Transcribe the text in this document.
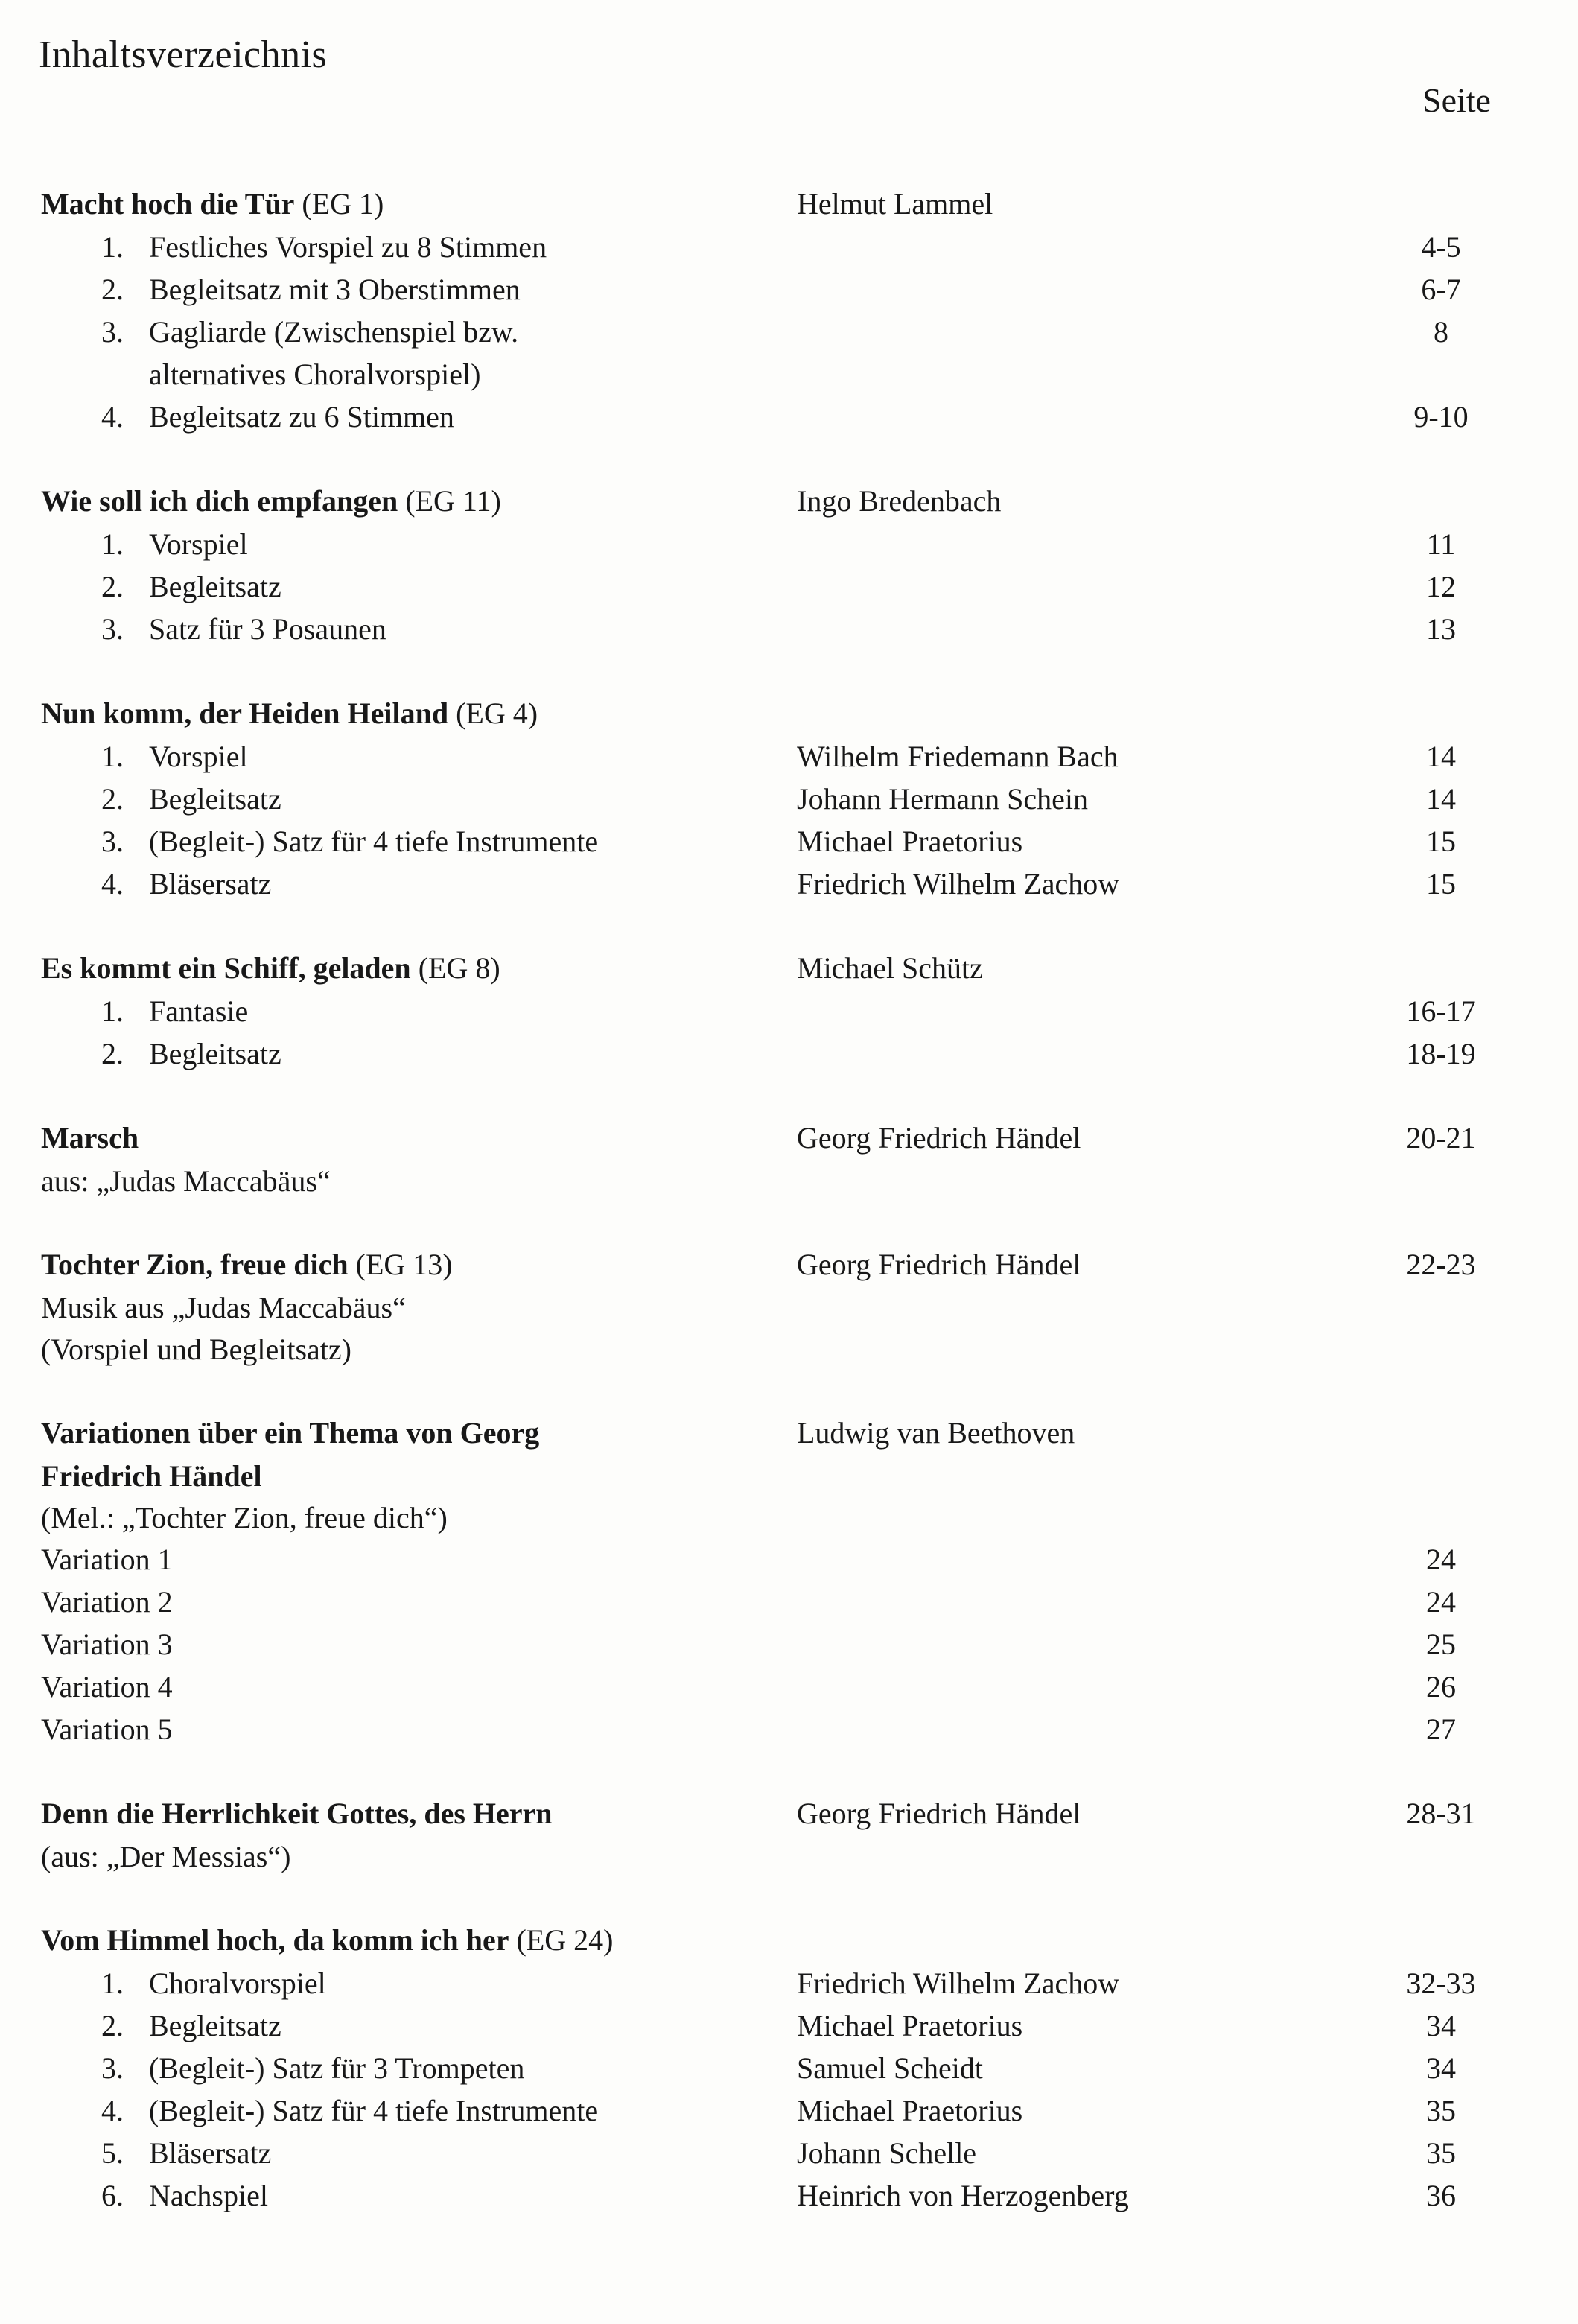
Inhaltsverzeichnis
Seite
Macht hoch die Tür (EG 1)	Helmut Lammel
1. Festliches Vorspiel zu 8 Stimmen	4-5
2. Begleitsatz mit 3 Oberstimmen	6-7
3. Gagliarde (Zwischenspiel bzw.	8
alternatives Choralvorspiel)
4. Begleitsatz zu 6 Stimmen	9-10
Wie soll ich dich empfangen (EG 11)	Ingo Bredenbach
1. Vorspiel	11
2. Begleitsatz	12
3. Satz für 3 Posaunen	13
Nun komm, der Heiden Heiland (EG 4)
1. Vorspiel	Wilhelm Friedemann Bach	14
2. Begleitsatz	Johann Hermann Schein	14
3. (Begleit-) Satz für 4 tiefe Instrumente	Michael Praetorius	15
4. Bläsersatz	Friedrich Wilhelm Zachow	15
Es kommt ein Schiff, geladen (EG 8)	Michael Schütz
1. Fantasie	16-17
2. Begleitsatz	18-19
Marsch	Georg Friedrich Händel	20-21
aus: „Judas Maccabäus“
Tochter Zion, freue dich (EG 13)	Georg Friedrich Händel	22-23
Musik aus „Judas Maccabäus“
(Vorspiel und Begleitsatz)
Variationen über ein Thema von Georg	Ludwig van Beethoven
Friedrich Händel
(Mel.: „Tochter Zion, freue dich“)
Variation 1	24
Variation 2	24
Variation 3	25
Variation 4	26
Variation 5	27
Denn die Herrlichkeit Gottes, des Herrn	Georg Friedrich Händel	28-31
(aus: „Der Messias“)
Vom Himmel hoch, da komm ich her (EG 24)
1. Choralvorspiel	Friedrich Wilhelm Zachow	32-33
2. Begleitsatz	Michael Praetorius	34
3. (Begleit-) Satz für 3 Trompeten	Samuel Scheidt	34
4. (Begleit-) Satz für 4 tiefe Instrumente	Michael Praetorius	35
5. Bläsersatz	Johann Schelle	35
6. Nachspiel	Heinrich von Herzogenberg	36
